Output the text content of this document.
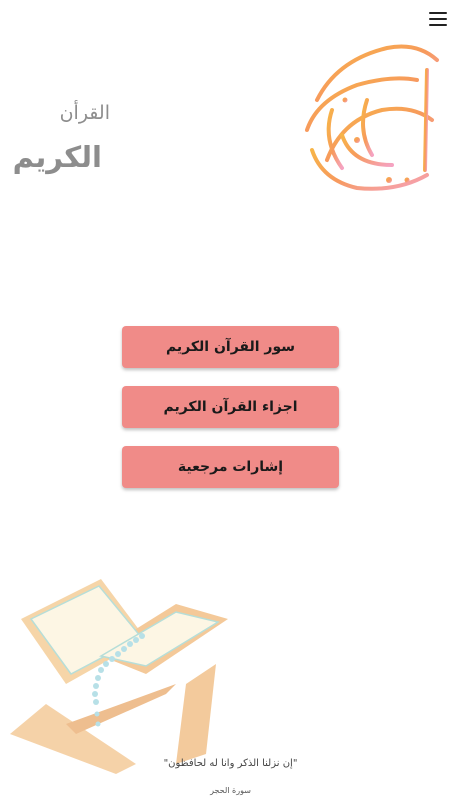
القرأن
الكريم
سور القرآن الكريم
اجزاء القرآن الكريم
إشارات مرجعية
"إن نزلنا الذكر وانا له لحافظون"
سورة الحجر
